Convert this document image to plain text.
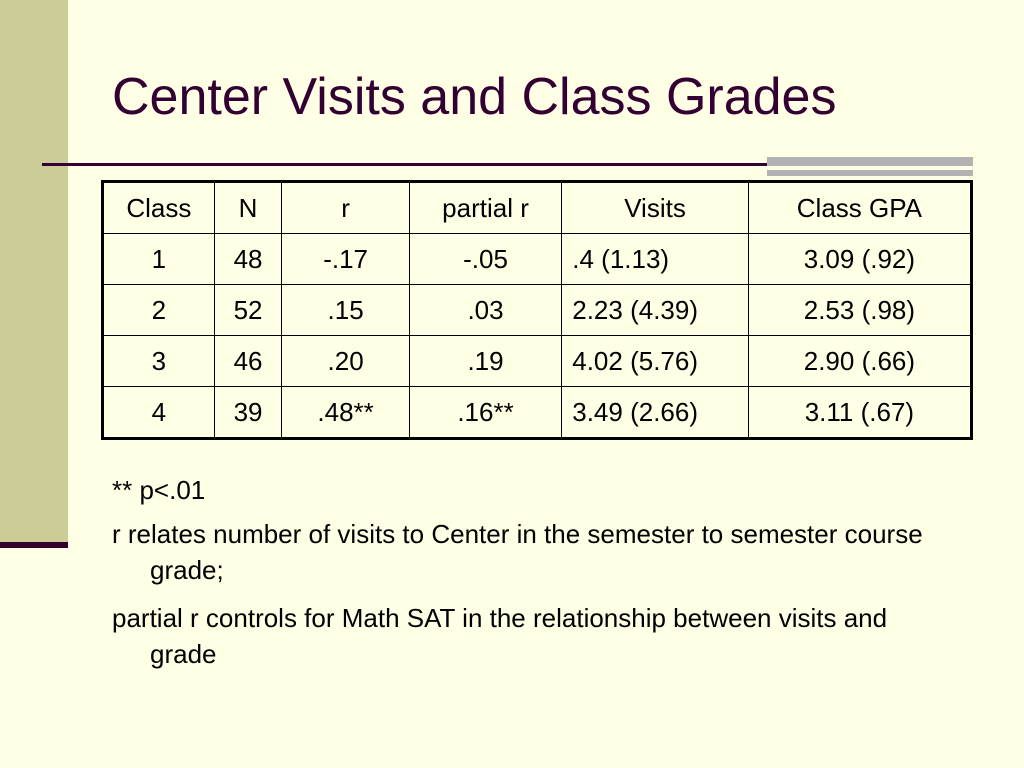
Center Visits and Class Grades
Class	N	r	partial r	Visits	Class GPA
1	48	-.17	-.05	.4 (1.13)	3.09 (.92)
2	52	.15	.03	2.23 (4.39)	2.53 (.98)
3	46	.20	.19	4.02 (5.76)	2.90 (.66)
4	39	.48**	.16**	3.49 (2.66)	3.11 (.67)

** p<.01

r relates number of visits to Center in the semester to semester course grade;

partial r controls for Math SAT in the relationship between visits and grade
